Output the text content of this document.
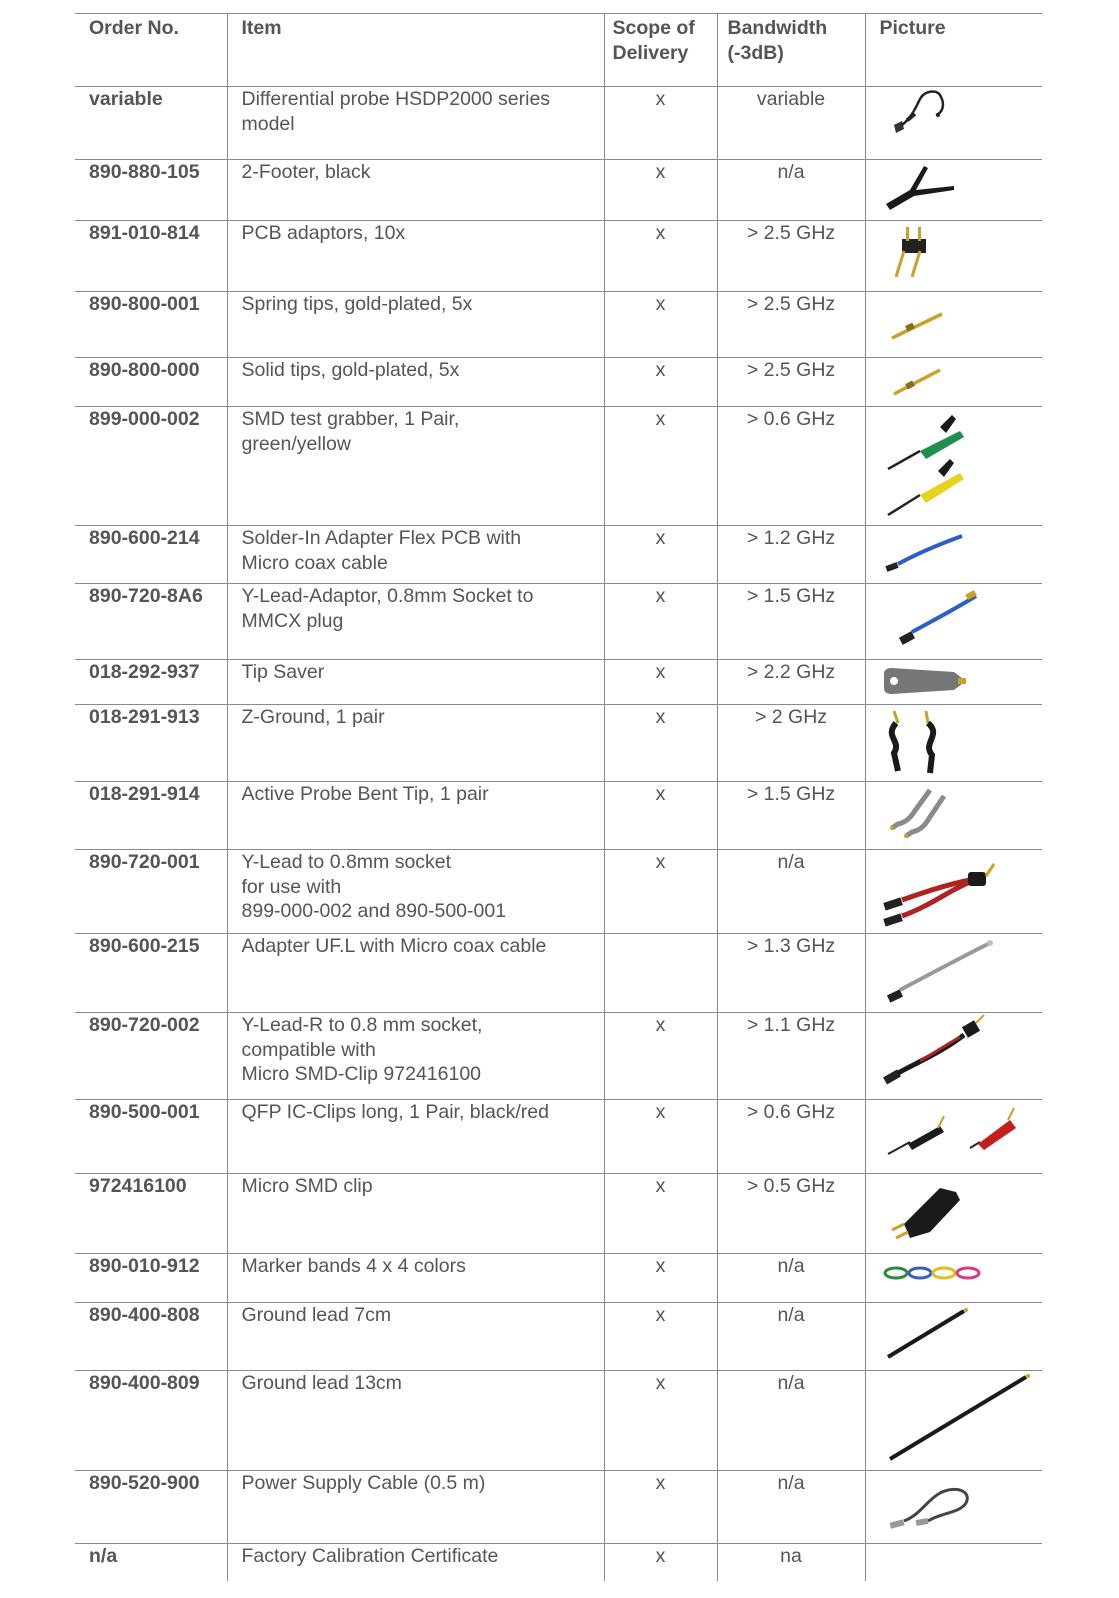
Order No.	Item	Scope of Delivery	Bandwidth (-3dB)	Picture
variable	Differential probe HSDP2000 series model	x	variable	

890-880-105	2-Footer, black	x	n/a	

891-010-814	PCB adaptors, 10x	x	> 2.5 GHz	

890-800-001	Spring tips, gold-plated, 5x	x	> 2.5 GHz	

890-800-000	Solid tips, gold-plated, 5x	x	> 2.5 GHz	

899-000-002	SMD test grabber, 1 Pair,
green/yellow	x	> 0.6 GHz	

890-600-214	Solder-In Adapter Flex PCB with
Micro coax cable	x	> 1.2 GHz	

890-720-8A6	Y-Lead-Adaptor, 0.8mm Socket to
MMCX plug	x	> 1.5 GHz	

018-292-937	Tip Saver	x	> 2.2 GHz	

018-291-913	Z-Ground, 1 pair	x	> 2 GHz	

018-291-914	Active Probe Bent Tip, 1 pair	x	> 1.5 GHz	

890-720-001	Y-Lead to 0.8mm socket
for use with
899-000-002 and 890-500-001	x	n/a	

890-600-215	Adapter UF.L with Micro coax cable		> 1.3 GHz	

890-720-002	Y-Lead-R to 0.8 mm socket,
compatible with
Micro SMD-Clip 972416100	x	> 1.1 GHz	

890-500-001	QFP IC-Clips long, 1 Pair, black/red	x	> 0.6 GHz	

972416100	Micro SMD clip	x	> 0.5 GHz	

890-010-912	Marker bands 4 x 4 colors	x	n/a	

890-400-808	Ground lead 7cm	x	n/a	

890-400-809	Ground lead 13cm	x	n/a	

890-520-900	Power Supply Cable (0.5 m)	x	n/a	

n/a	Factory Calibration Certificate	x	na	
